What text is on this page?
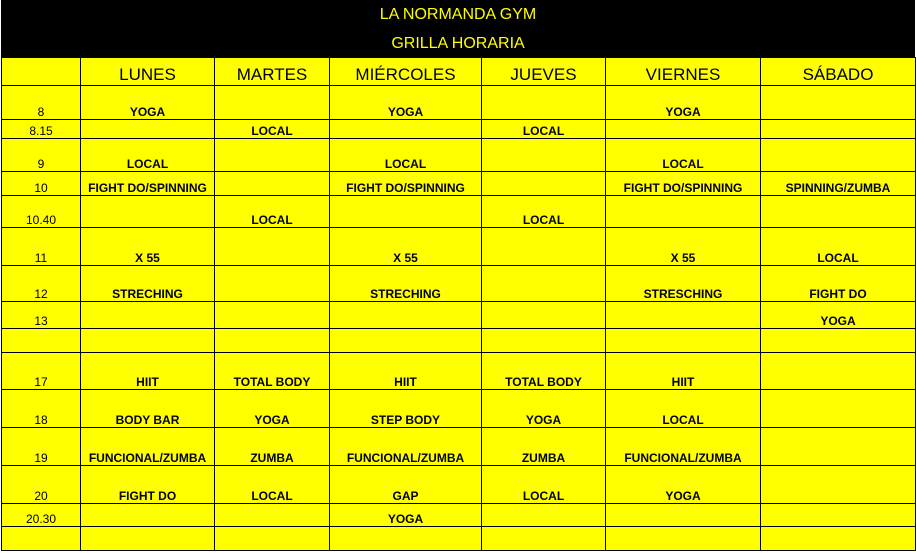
LA NORMANDA GYM
GRILLA HORARIA
	LUNES	MARTES	MIÉRCOLES	JUEVES	VIERNES	SÁBADO
8	YOGA		YOGA		YOGA	
8.15		LOCAL		LOCAL		
9	LOCAL		LOCAL		LOCAL	
10	FIGHT DO/SPINNING		FIGHT DO/SPINNING		FIGHT DO/SPINNING	SPINNING/ZUMBA
10.40		LOCAL		LOCAL		
11	X 55		X 55		X 55	LOCAL
12	STRECHING		STRECHING		STRESCHING	FIGHT DO
13						YOGA

17	HIIT	TOTAL BODY	HIIT	TOTAL BODY	HIIT	
18	BODY BAR	YOGA	STEP BODY	YOGA	LOCAL	
19	FUNCIONAL/ZUMBA	ZUMBA	FUNCIONAL/ZUMBA	ZUMBA	FUNCIONAL/ZUMBA	
20	FIGHT DO	LOCAL	GAP	LOCAL	YOGA	
20.30			YOGA			
